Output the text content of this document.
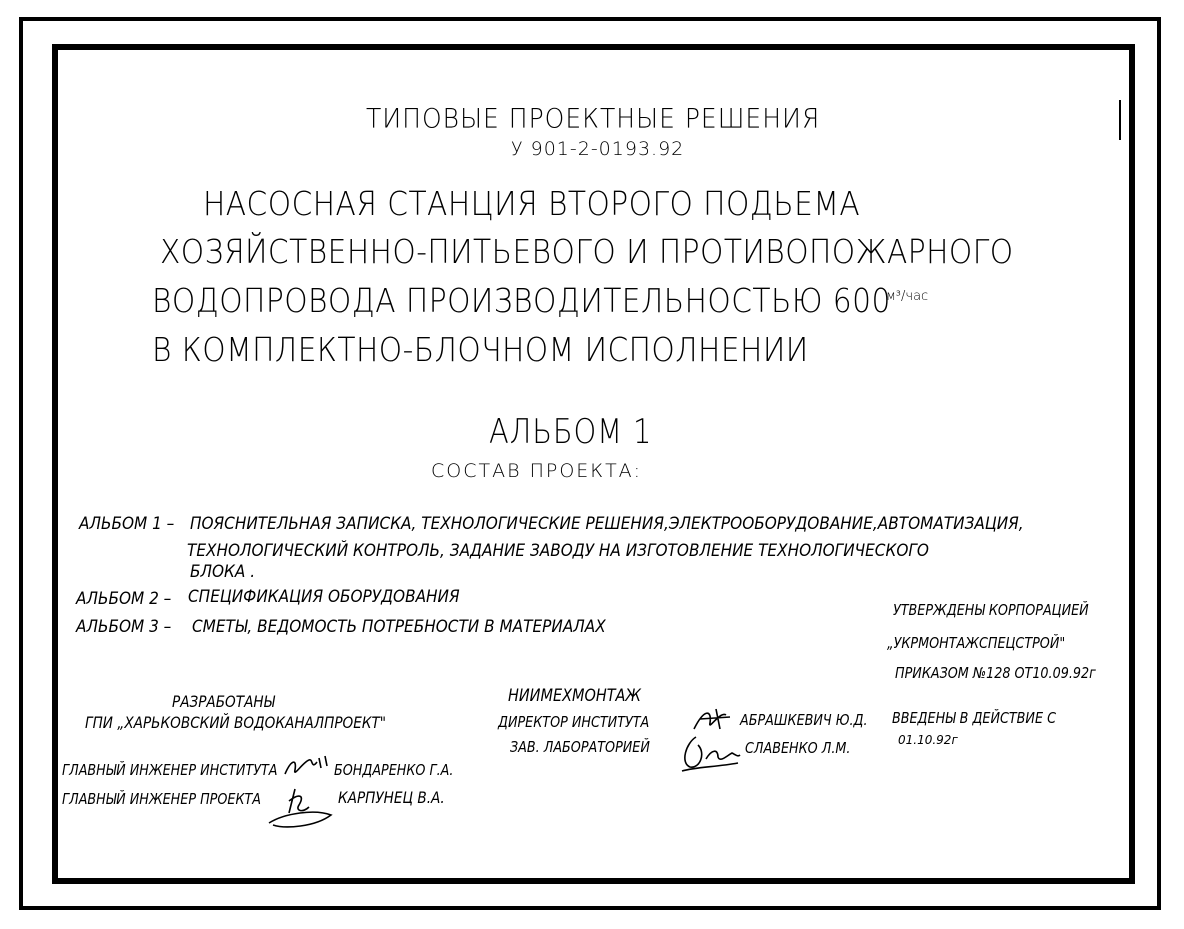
ТИПОВЫЕ ПРОЕКТНЫЕ РЕШЕНИЯ
У 901-2-0193.92
НАСОСНАЯ СТАНЦИЯ ВТОРОГО ПОДЬЕМА
ХОЗЯЙСТВЕННО-ПИТЬЕВОГО И ПРОТИВОПОЖАРНОГО
ВОДОПРОВОДА ПРОИЗВОДИТЕЛЬНОСТЬЮ 600
м³/час
В КОМПЛЕКТНО-БЛОЧНОМ ИСПОЛНЕНИИ
АЛЬБОМ 1
СОСТАВ ПРОЕКТА:
АЛЬБОМ 1 – ПОЯСНИТЕЛЬНАЯ ЗАПИСКА, ТЕХНОЛОГИЧЕСКИЕ РЕШЕНИЯ,ЭЛЕКТРООБОРУДОВАНИЕ,АВТОМАТИЗАЦИЯ,
ТЕХНОЛОГИЧЕСКИЙ КОНТРОЛЬ, ЗАДАНИЕ ЗАВОДУ НА ИЗГОТОВЛЕНИЕ ТЕХНОЛОГИЧЕСКОГО
БЛОКА .
АЛЬБОМ 2 – СПЕЦИФИКАЦИЯ ОБОРУДОВАНИЯ
АЛЬБОМ 3 – СМЕТЫ, ВЕДОМОСТЬ ПОТРЕБНОСТИ В МАТЕРИАЛАХ
УТВЕРЖДЕНЫ КОРПОРАЦИЕЙ
„УКРМОНТАЖСПЕЦСТРОЙ"
ПРИКАЗОМ №128 ОТ10.09.92г
ВВЕДЕНЫ В ДЕЙСТВИЕ С
01.10.92г
РАЗРАБОТАНЫ
ГПИ „ХАРЬКОВСКИЙ ВОДОКАНАЛПРОЕКТ"
ГЛАВНЫЙ ИНЖЕНЕР ИНСТИТУТА	БОНДАРЕНКО Г.А.
ГЛАВНЫЙ ИНЖЕНЕР ПРОЕКТА	КАРПУНЕЦ В.А.
НИИМЕХМОНТАЖ
ДИРЕКТОР ИНСТИТУТА	АБРАШКЕВИЧ Ю.Д.
ЗАВ. ЛАБОРАТОРИЕЙ	СЛАВЕНКО Л.М.
